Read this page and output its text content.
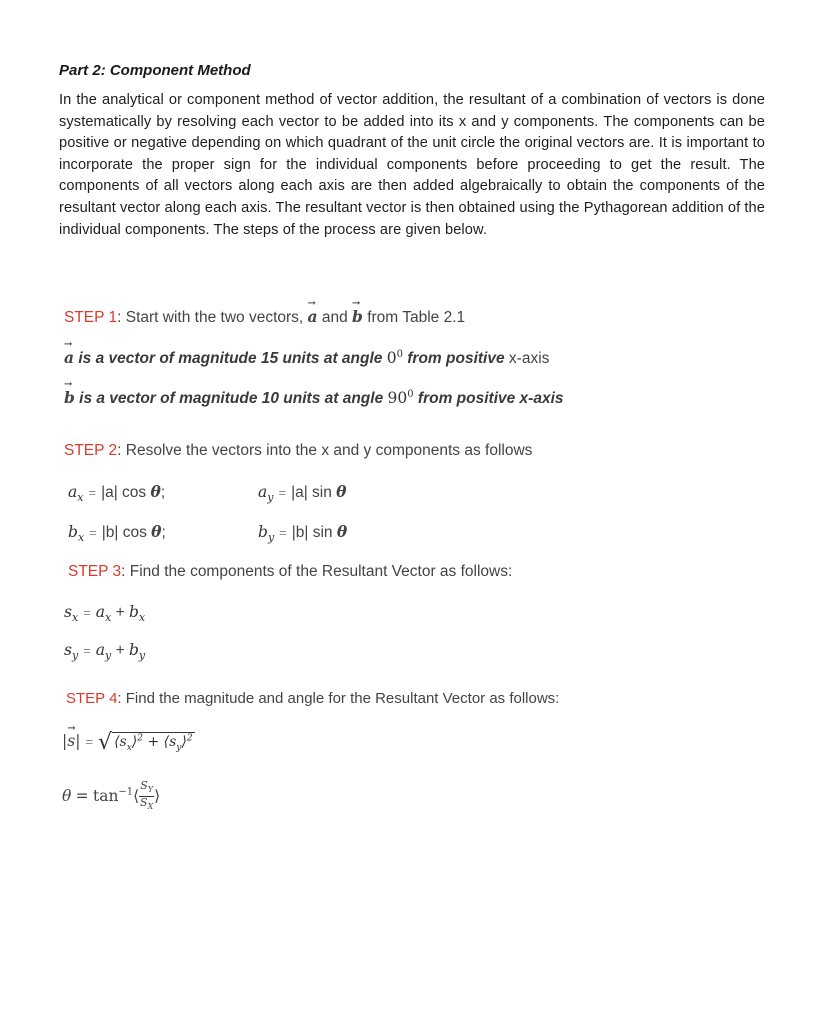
Part 2: Component Method
In the analytical or component method of vector addition, the resultant of a combination of vectors is done systematically by resolving each vector to be added into its x and y components. The components can be positive or negative depending on which quadrant of the unit circle the original vectors are. It is important to incorporate the proper sign for the individual components before proceeding to get the result. The components of all vectors along each axis are then added algebraically to obtain the components of the resultant vector along each axis. The resultant vector is then obtained using the Pythagorean addition of the individual components. The steps of the process are given below.
STEP 1: Start with the two vectors, → a and → b from Table 2.1
→ a is a vector of magnitude 15 units at angle $0^0$ from positive x-axis
→ b is a vector of magnitude 10 units at angle $90^0$ from positive x-axis
STEP 2: Resolve the vectors into the x and y components as follows
$a_x = |a|$ cos θ;	$a_y = |a|$ sin θ
$b_x = |b|$ cos θ;	$b_y = |b|$ sin θ
STEP 3: Find the components of the Resultant Vector as follows:
$s_x = a_x + b_x$
$s_y = a_y + b_y$
STEP 4: Find the magnitude and angle for the Resultant Vector as follows:
|→ s| = √ $⟨s_x⟩^2$ + $⟨s_y⟩^2$
$\theta = \tan^{-1}⟨ \frac{S_Y}{S_X}$ ⟩
